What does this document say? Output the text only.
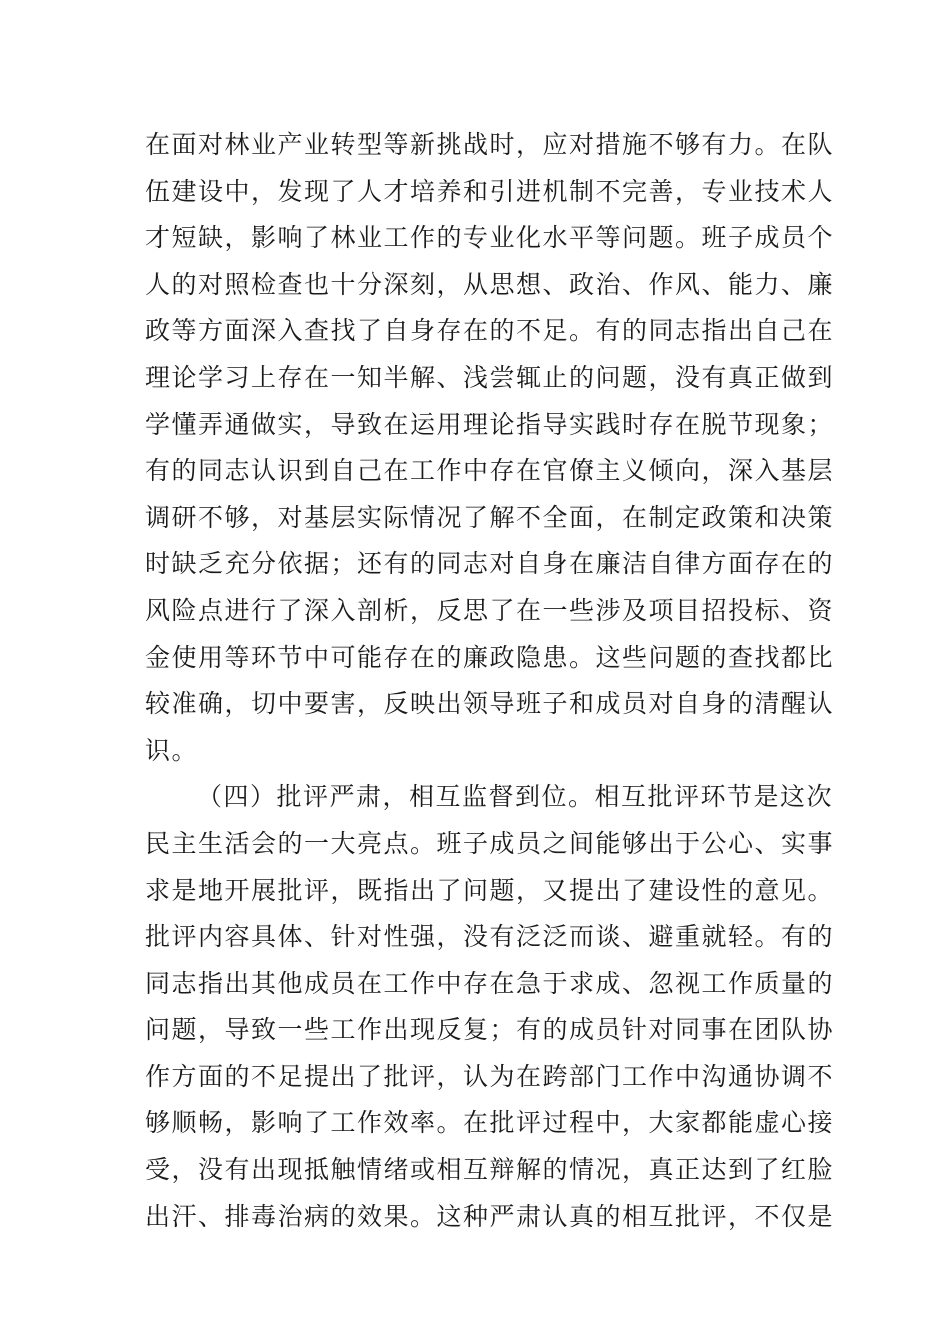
在面对林业产业转型等新挑战时，应对措施不够有力。在队
伍建设中，发现了人才培养和引进机制不完善，专业技术人
才短缺，影响了林业工作的专业化水平等问题。班子成员个
人的对照检查也十分深刻，从思想、政治、作风、能力、廉
政等方面深入查找了自身存在的不足。有的同志指出自己在
理论学习上存在一知半解、浅尝辄止的问题，没有真正做到
学懂弄通做实，导致在运用理论指导实践时存在脱节现象；
有的同志认识到自己在工作中存在官僚主义倾向，深入基层
调研不够，对基层实际情况了解不全面，在制定政策和决策
时缺乏充分依据；还有的同志对自身在廉洁自律方面存在的
风险点进行了深入剖析，反思了在一些涉及项目招投标、资
金使用等环节中可能存在的廉政隐患。这些问题的查找都比
较准确，切中要害，反映出领导班子和成员对自身的清醒认
识。
（四）批评严肃，相互监督到位。相互批评环节是这次
民主生活会的一大亮点。班子成员之间能够出于公心、实事
求是地开展批评，既指出了问题，又提出了建设性的意见。
批评内容具体、针对性强，没有泛泛而谈、避重就轻。有的
同志指出其他成员在工作中存在急于求成、忽视工作质量的
问题，导致一些工作出现反复；有的成员针对同事在团队协
作方面的不足提出了批评，认为在跨部门工作中沟通协调不
够顺畅，影响了工作效率。在批评过程中，大家都能虚心接
受，没有出现抵触情绪或相互辩解的情况，真正达到了红脸
出汗、排毒治病的效果。这种严肃认真的相互批评，不仅是
